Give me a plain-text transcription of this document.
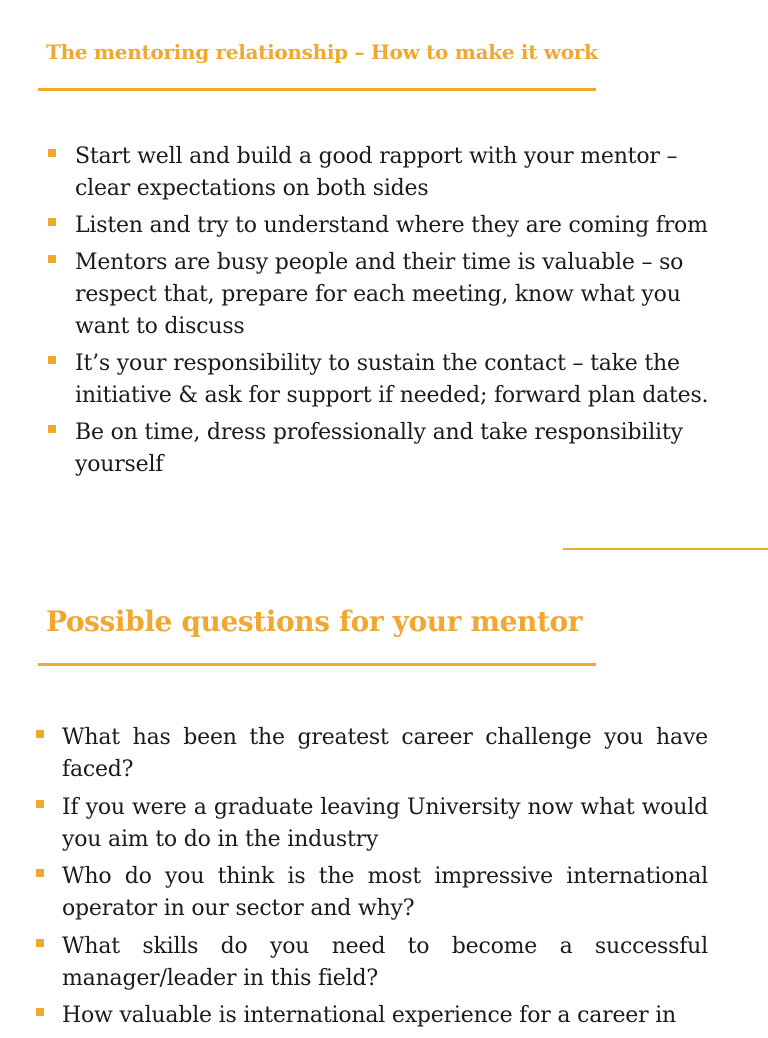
The mentoring relationship – How to make it work
Start well and build a good rapport with your mentor – clear expectations on both sides
Listen and try to understand where they are coming from
Mentors are busy people and their time is valuable – so respect that, prepare for each meeting, know what you want to discuss
It’s your responsibility to sustain the contact – take the initiative & ask for support if needed; forward plan dates.
Be on time, dress professionally and take responsibility yourself
Possible questions for your mentor
What has been the greatest career challenge you have faced?
If you were a graduate leaving University now what would you aim to do in the industry
Who do you think is the most impressive international operator in our sector and why?
What skills do you need to become a successful manager/leader in this field?
How valuable is international experience for a career in
